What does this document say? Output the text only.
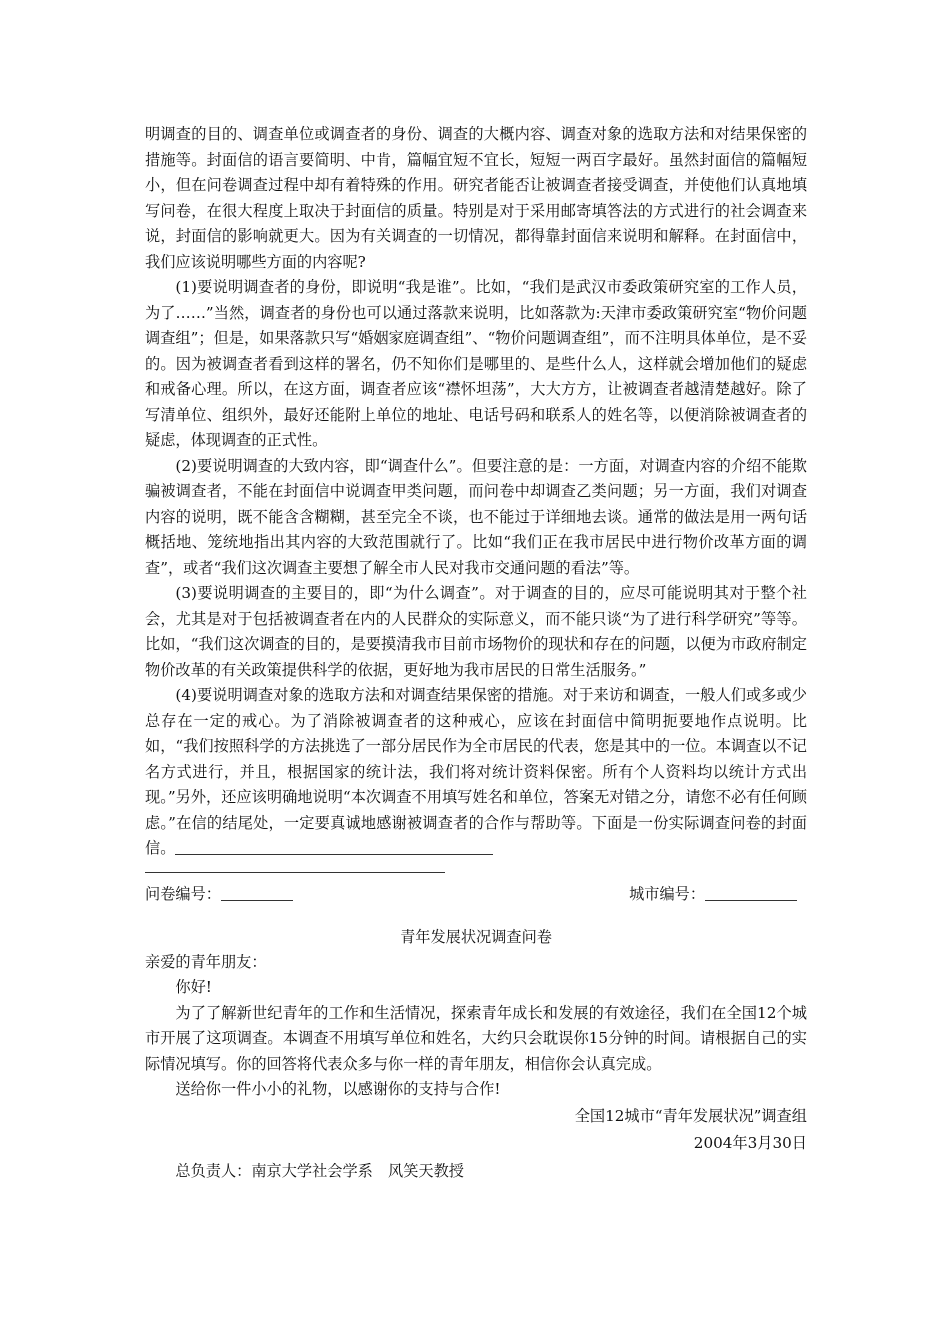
明调查的目的、调查单位或调查者的身份、调查的大概内容、调查对象的选取方法和对结果保密的措施等。封面信的语言要简明、中肯，篇幅宜短不宜长，短短一两百字最好。虽然封面信的篇幅短小，但在问卷调查过程中却有着特殊的作用。研究者能否让被调查者接受调查，并使他们认真地填写问卷，在很大程度上取决于封面信的质量。特别是对于采用邮寄填答法的方式进行的社会调查来说，封面信的影响就更大。因为有关调查的一切情况，都得靠封面信来说明和解释。在封面信中，我们应该说明哪些方面的内容呢?

(1)要说明调查者的身份，即说明“我是谁”。比如，“我们是武汉市委政策研究室的工作人员，为了……”当然，调查者的身份也可以通过落款来说明，比如落款为:天津市委政策研究室“物价问题调查组”；但是，如果落款只写“婚姻家庭调查组”、“物价问题调查组”，而不注明具体单位，是不妥的。因为被调查者看到这样的署名，仍不知你们是哪里的、是些什么人，这样就会增加他们的疑虑和戒备心理。所以，在这方面，调查者应该“襟怀坦荡”，大大方方，让被调查者越清楚越好。除了写清单位、组织外，最好还能附上单位的地址、电话号码和联系人的姓名等，以便消除被调查者的疑虑，体现调查的正式性。

(2)要说明调查的大致内容，即“调查什么”。但要注意的是：一方面，对调查内容的介绍不能欺骗被调查者，不能在封面信中说调查甲类问题，而问卷中却调查乙类问题；另一方面，我们对调查内容的说明，既不能含含糊糊，甚至完全不谈，也不能过于详细地去谈。通常的做法是用一两句话概括地、笼统地指出其内容的大致范围就行了。比如“我们正在我市居民中进行物价改革方面的调查”，或者“我们这次调查主要想了解全市人民对我市交通问题的看法”等。

(3)要说明调查的主要目的，即“为什么调查”。对于调查的目的，应尽可能说明其对于整个社会，尤其是对于包括被调查者在内的人民群众的实际意义，而不能只谈“为了进行科学研究”等等。比如，“我们这次调查的目的，是要摸清我市目前市场物价的现状和存在的问题，以便为市政府制定物价改革的有关政策提供科学的依据，更好地为我市居民的日常生活服务。”

(4)要说明调查对象的选取方法和对调查结果保密的措施。对于来访和调查，一般人们或多或少总存在一定的戒心。为了消除被调查者的这种戒心，应该在封面信中简明扼要地作点说明。比如，“我们按照科学的方法挑选了一部分居民作为全市居民的代表，您是其中的一位。本调查以不记名方式进行，并且，根据国家的统计法，我们将对统计资料保密。所有个人资料均以统计方式出现。”另外，还应该明确地说明“本次调查不用填写姓名和单位，答案无对错之分，请您不必有任何顾虑。”在信的结尾处，一定要真诚地感谢被调查者的合作与帮助等。下面是一份实际调查问卷的封面信。

问卷编号：	城市编号：
青年发展状况调查问卷
亲爱的青年朋友：
你好!

为了了解新世纪青年的工作和生活情况，探索青年成长和发展的有效途径，我们在全国12个城市开展了这项调查。本调查不用填写单位和姓名，大约只会耽误你15分钟的时间。请根据自己的实际情况填写。你的回答将代表众多与你一样的青年朋友，相信你会认真完成。

送给你一件小小的礼物，以感谢你的支持与合作!
全国12城市“青年发展状况”调查组
2004年3月30日
总负责人：南京大学社会学系　风笑天教授
